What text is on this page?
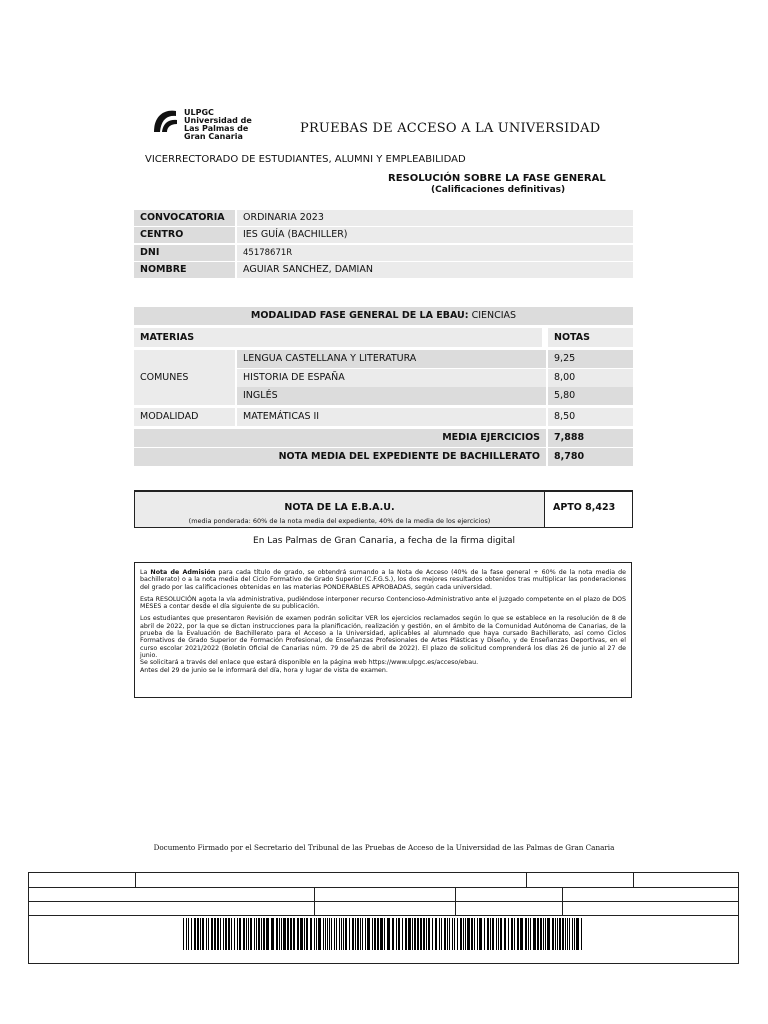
ULPGC
Universidad de
Las Palmas de
Gran Canaria
PRUEBAS DE ACCESO A LA UNIVERSIDAD
VICERRECTORADO DE ESTUDIANTES, ALUMNI Y EMPLEABILIDAD
RESOLUCIÓN SOBRE LA FASE GENERAL
(Calificaciones definitivas)
CONVOCATORIA	ORDINARIA 2023
CENTRO	IES GUÍA (BACHILLER)
DNI	45178671R
NOMBRE	AGUIAR SANCHEZ, DAMIAN
MODALIDAD FASE GENERAL DE LA EBAU: CIENCIAS
MATERIAS	NOTAS
COMUNES
LENGUA CASTELLANA Y LITERATURA	9,25
HISTORIA DE ESPAÑA	8,00
INGLÉS	5,80
MODALIDAD	MATEMÁTICAS II	8,50
MEDIA EJERCICIOS	7,888
NOTA MEDIA DEL EXPEDIENTE DE BACHILLERATO	8,780
NOTA DE LA E.B.A.U.
(media ponderada: 60% de la nota media del expediente, 40% de la media de los ejercicios)
APTO 8,423
En Las Palmas de Gran Canaria, a fecha de la firma digital

La Nota de Admisión para cada título de grado, se obtendrá sumando a la Nota de Acceso (40% de la fase general + 60% de la nota media de bachillerato) o a la nota media del Ciclo Formativo de Grado Superior (C.F.G.S.), los dos mejores resultados obtenidos tras multiplicar las ponderaciones del grado por las calificaciones obtenidas en las materias PONDERABLES APROBADAS, según cada universidad.

Esta RESOLUCIÓN agota la vía administrativa, pudiéndose interponer recurso Contencioso-Administrativo ante el juzgado competente en el plazo de DOS MESES a contar desde el día siguiente de su publicación.

Los estudiantes que presentaron Revisión de examen podrán solicitar VER los ejercicios reclamados según lo que se establece en la resolución de 8 de abril de 2022, por la que se dictan instrucciones para la planificación, realización y gestión, en el ámbito de la Comunidad Autónoma de Canarias, de la prueba de la Evaluación de Bachillerato para el Acceso a la Universidad, aplicables al alumnado que haya cursado Bachillerato, así como Ciclos Formativos de Grado Superior de Formación Profesional, de Enseñanzas Profesionales de Artes Plásticas y Diseño, y de Enseñanzas Deportivas, en el curso escolar 2021/2022 (Boletín Oficial de Canarias núm. 79 de 25 de abril de 2022). El plazo de solicitud comprenderá los días 26 de junio al 27 de junio.

Se solicitará a través del enlace que estará disponible en la página web https://www.ulpgc.es/acceso/ebau.
Antes del 29 de junio se le informará del día, hora y lugar de vista de examen.
Documento Firmado por el Secretario del Tribunal de las Pruebas de Acceso de la Universidad de las Palmas de Gran Canaria
